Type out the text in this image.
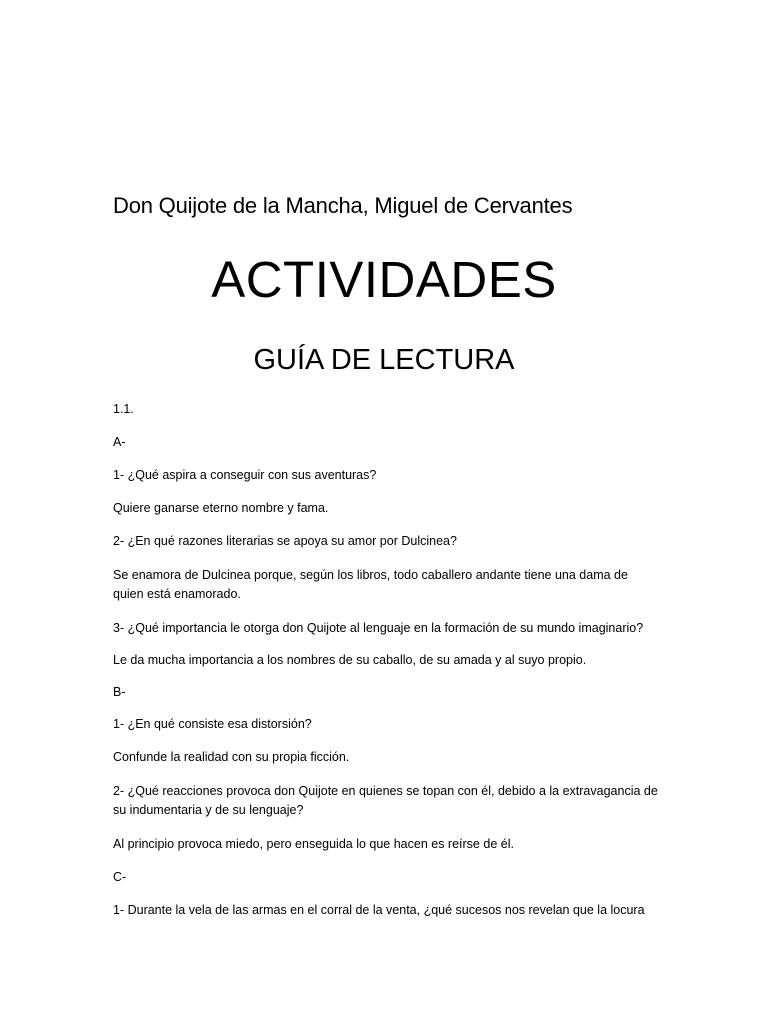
Don Quijote de la Mancha, Miguel de Cervantes
ACTIVIDADES
GUÍA DE LECTURA
1.1.
A-
1- ¿Qué aspira a conseguir con sus aventuras?
Quiere ganarse eterno nombre y fama.
2- ¿En qué razones literarias se apoya su amor por Dulcinea?
Se enamora de Dulcinea porque, según los libros, todo caballero andante tiene una dama de quien está enamorado.
3- ¿Qué importancia le otorga don Quijote al lenguaje en la formación de su mundo imaginario?
Le da mucha importancia a los nombres de su caballo, de su amada y al suyo propio.
B-
1- ¿En qué consiste esa distorsión?
Confunde la realidad con su propia ficción.
2- ¿Qué reacciones provoca don Quijote en quienes se topan con él, debido a la extravagancia de su indumentaria y de su lenguaje?
Al principio provoca miedo, pero enseguida lo que hacen es reírse de él.
C-
1- Durante la vela de las armas en el corral de la venta, ¿qué sucesos nos revelan que la locura
